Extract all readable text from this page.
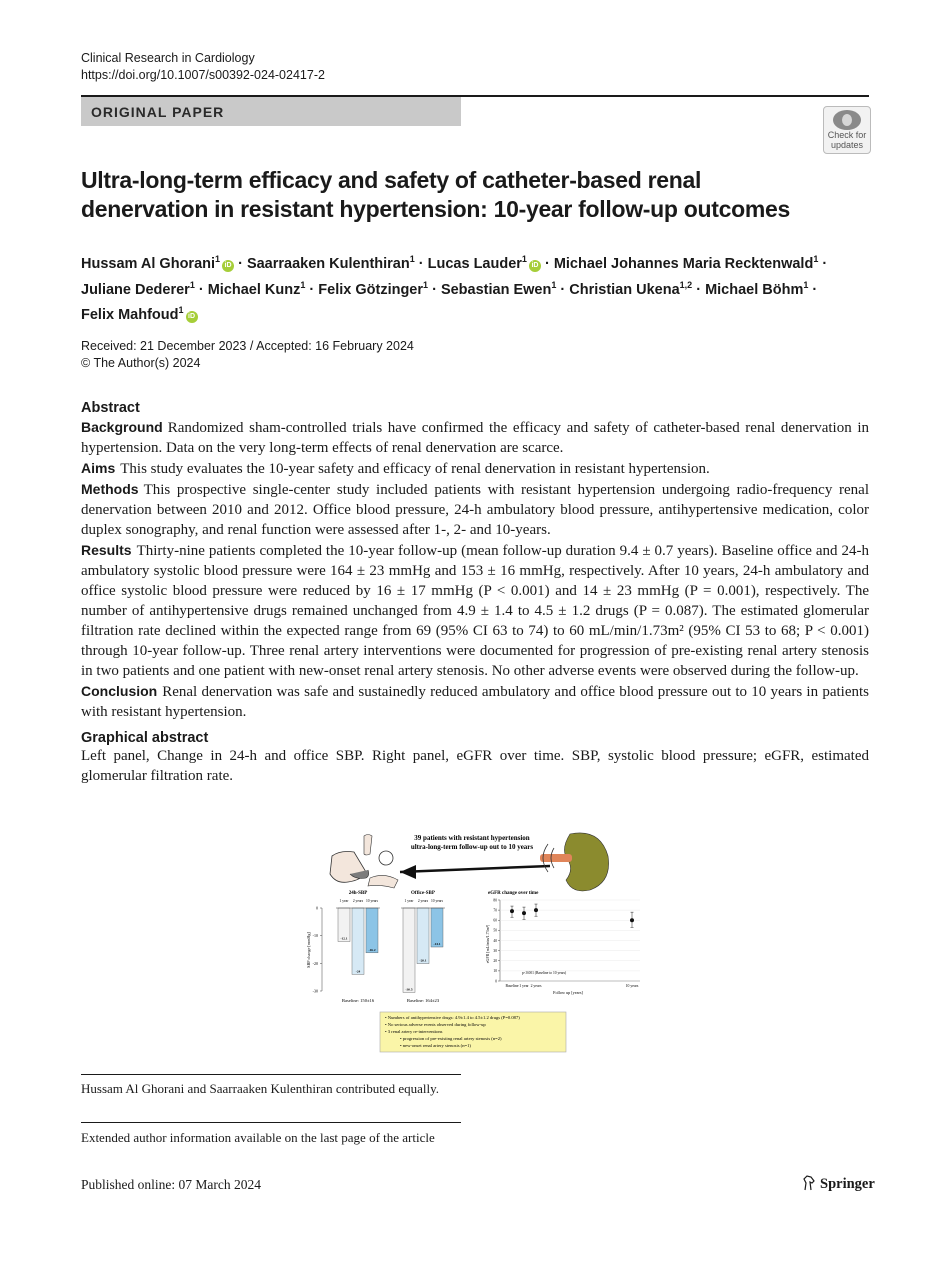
Clinical Research in Cardiology
https://doi.org/10.1007/s00392-024-02417-2
ORIGINAL PAPER
Check for
updates
Ultra-long-term efficacy and safety of catheter-based renal
denervation in resistant hypertension: 10-year follow-up outcomes
Hussam Al Ghorani$^1$iD · Saarraaken Kulenthiran$^1$ · Lucas Lauder$^1$iD · Michael Johannes Maria Recktenwald$^1$ ·
Juliane Dederer$^1$ · Michael Kunz$^1$ · Felix Götzinger$^1$ · Sebastian Ewen$^1$ · Christian Ukena$^{1,2}$ · Michael Böhm$^1$ ·
Felix Mahfoud$^1$iD
Received: 21 December 2023 / Accepted: 16 February 2024
© The Author(s) 2024
Abstract

Background Randomized sham-controlled trials have confirmed the efficacy and safety of catheter-based renal denervation in hypertension. Data on the very long-term effects of renal denervation are scarce.

Aims This study evaluates the 10-year safety and efficacy of renal denervation in resistant hypertension.

Methods This prospective single-center study included patients with resistant hypertension undergoing radio-frequency renal denervation between 2010 and 2012. Office blood pressure, 24-h ambulatory blood pressure, antihypertensive medication, color duplex sonography, and renal function were assessed after 1-, 2- and 10-years.

Results Thirty-nine patients completed the 10-year follow-up (mean follow-up duration 9.4 ± 0.7 years). Baseline office and 24-h ambulatory systolic blood pressure were 164 ± 23 mmHg and 153 ± 16 mmHg, respectively. After 10 years, 24-h ambulatory and office systolic blood pressure were reduced by 16 ± 17 mmHg (P < 0.001) and 14 ± 23 mmHg (P = 0.001), respectively. The number of antihypertensive drugs remained unchanged from 4.9 ± 1.4 to 4.5 ± 1.2 drugs (P = 0.087). The estimated glomerular filtration rate declined within the expected range from 69 (95% CI 63 to 74) to 60 mL/min/1.73m² (95% CI 53 to 68; P < 0.001) through 10-year follow-up. Three renal artery interventions were documented for progression of pre-existing renal artery stenosis in two patients and one patient with new-onset renal artery stenosis. No other adverse events were observed during the follow-up.

Conclusion Renal denervation was safe and sustainedly reduced ambulatory and office blood pressure out to 10 years in patients with resistant hypertension.

Graphical abstract

Left panel, Change in 24-h and office SBP. Right panel, eGFR over time. SBP, systolic blood pressure; eGFR, estimated glomerular filtration rate.

39 patients with resistant hypertension
ultra-long-term follow-up out to 10 years
0
-10
-20
-30
SBP change [mmHg]
24h-SBP
1 year
-12.1
2 years
-24
10 years
-16.2
Baseline: 150±16
Office-SBP
1 year
-30.5
2 years
-20.1
10 years
-14.1
Baseline: 164±23
eGFR change over time
0
10
20
30
40
50
60
70
80
eGFR [mL/min/1.73m²]
Baseline 1 year 2 years	10 years
Follow up [years]
p<0.001 (Baseline to 10 years)
• Numbers of antihypertensive drugs: 4.9±1.4 to 4.5±1.2 drugs (P=0.087)
• No serious adverse events observed during follow-up
• 3 renal artery re-interventions
• progression of pre-existing renal artery stenosis (n=2)
• new-onset renal artery stenosis (n=1)
Hussam Al Ghorani and Saarraaken Kulenthiran contributed equally.
Extended author information available on the last page of the article
Published online: 07 March 2024	Springer
